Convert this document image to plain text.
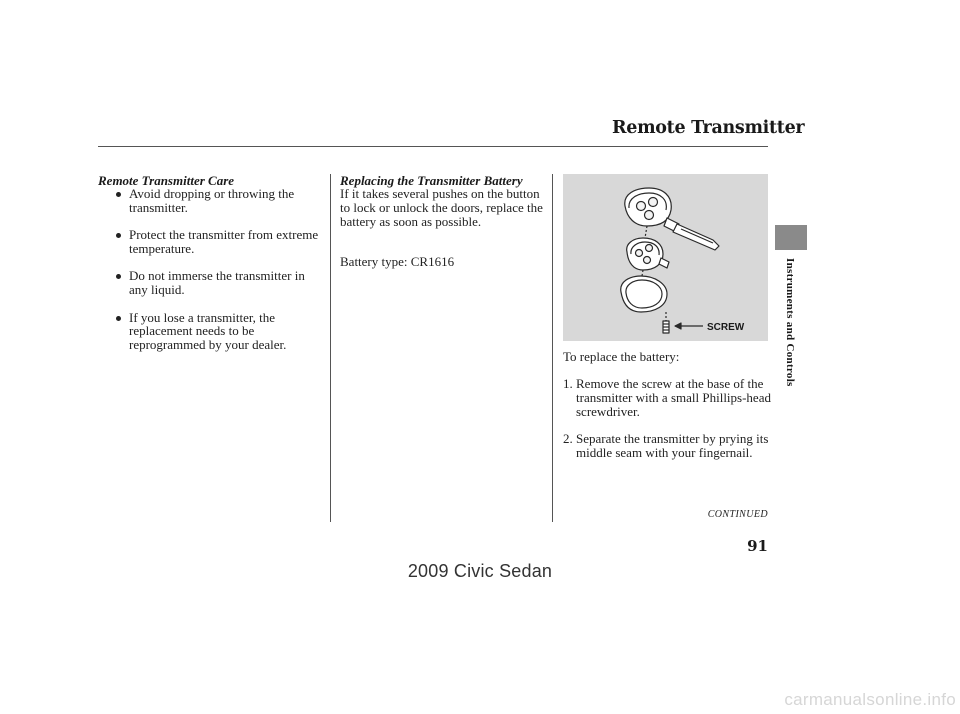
Remote Transmitter
Remote Transmitter Care
Avoid dropping or throwing the transmitter.
Protect the transmitter from extreme temperature.
Do not immerse the transmitter in any liquid.
If you lose a transmitter, the replacement needs to be reprogrammed by your dealer.
Replacing the Transmitter Battery

If it takes several pushes on the button to lock or unlock the doors, replace the battery as soon as possible.

Battery type: CR1616

SCREW

To replace the battery:

1. Remove the screw at the base of the transmitter with a small Phillips-head screwdriver.
2. Separate the transmitter by prying its middle seam with your fingernail.
CONTINUED
91
Instruments and Controls
2009 Civic Sedan
carmanualsonline.info
